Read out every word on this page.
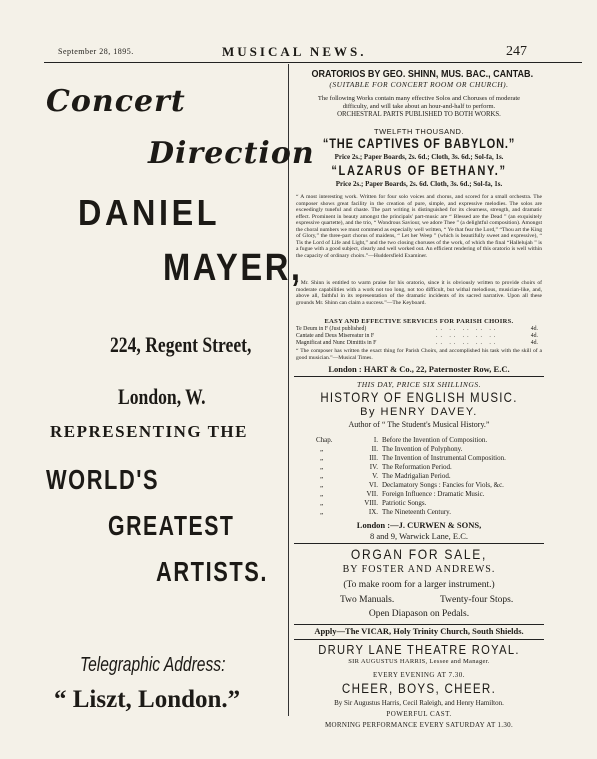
September 28, 1895.	MUSICAL NEWS.	247
Concert
Direction
DANIEL
MAYER,
224, Regent Street,
London, W.
REPRESENTING THE
WORLD'S
GREATEST
ARTISTS.
Telegraphic Address:
“ Liszt, London.”
ORATORIOS BY GEO. SHINN, MUS. BAC., CANTAB.
(SUITABLE FOR CONCERT ROOM OR CHURCH).
The following Works contain many effective Solos and Choruses of moderate
difficulty, and will take about an hour-and-half to perform.
ORCHESTRAL PARTS PUBLISHED TO BOTH WORKS.
TWELFTH THOUSAND.
“THE CAPTIVES OF BABYLON.”
Price 2s.; Paper Boards, 2s. 6d.; Cloth, 3s. 6d.; Sol-fa, 1s.
“LAZARUS OF BETHANY.”
Price 2s.; Paper Boards, 2s. 6d. Cloth, 3s. 6d.; Sol-fa, 1s.
“ A most interesting work. Written for four solo voices and chorus, and scored for a small orchestra. The composer shows great facility in the creation of pure, simple, and expressive melodies. The solos are exceedingly tuneful and chaste. The part writing is distinguished for its clearness, strength, and dramatic effect. Prominent in beauty amongst the principals' part-music are “ Blessed are the Dead ” (an exquisitely expressive quartette), and the trio, “ Wondrous Saviour, we adore Thee ” (a delightful composition). Amongst the choral numbers we must commend as especially well written, “ Ye that fear the Lord,” “Thou art the King of Glory,” the three-part chorus of maidens, “ Let her Weep ” (which is beautifully sweet and expressive), “ Tis the Lord of Life and Light,” and the two closing choruses of the work, of which the final “Hallelujah ” is a fugue with a good subject, clearly and well worked out. An efficient rendering of this oratorio is well within the capacity of ordinary choirs.”—Huddersfield Examiner.
“ Mr. Shinn is entitled to warm praise for his oratorio, since it is obviously written to provide choirs of moderate capabilities with a work not too long, not too difficult, but withal melodious, musician-like, and, above all, faithful in its representation of the dramatic incidents of its sacred narrative. Upon all these grounds Mr. Shinn can claim a success.”—The Keyboard.
EASY AND EFFECTIVE SERVICES FOR PARISH CHOIRS.
Te Deum in F (Just published)	.. .. .. .. ..	4d.
Cantate and Deus Misereatur in F	.. .. .. .. ..	4d.
Magnificat and Nunc Dimittis in F	.. .. .. .. ..	4d.
“ The composer has written the exact thing for Parish Choirs, and accomplished his task with the skill of a good musician.”—Musical Times.
London : HART & Co., 22, Paternoster Row, E.C.
THIS DAY, PRICE SIX SHILLINGS.
HISTORY OF ENGLISH MUSIC.
By HENRY DAVEY.
Author of “ The Student's Musical History.”
Chap.	I. Before the Invention of Composition.
„	II. The Invention of Polyphony.
„	III. The Invention of Instrumental Composition.
„	IV. The Reformation Period.
„	V. The Madrigalian Period.
„	VI. Declamatory Songs : Fancies for Viols, &c.
„	VII. Foreign Influence : Dramatic Music.
„	VIII. Patriotic Songs.
„	IX. The Nineteenth Century.
London :—J. CURWEN & SONS,
8 and 9, Warwick Lane, E.C.
ORGAN FOR SALE,
BY FOSTER AND ANDREWS.
(To make room for a larger instrument.)
Two Manuals.	Twenty-four Stops.
Open Diapason on Pedals.
Apply—The VICAR, Holy Trinity Church, South Shields.
DRURY LANE THEATRE ROYAL.
SIR AUGUSTUS HARRIS, Lessee and Manager.
EVERY EVENING AT 7.30.
CHEER, BOYS, CHEER.
By Sir Augustus Harris, Cecil Raleigh, and Henry Hamilton.
POWERFUL CAST.
MORNING PERFORMANCE EVERY SATURDAY AT 1.30.
